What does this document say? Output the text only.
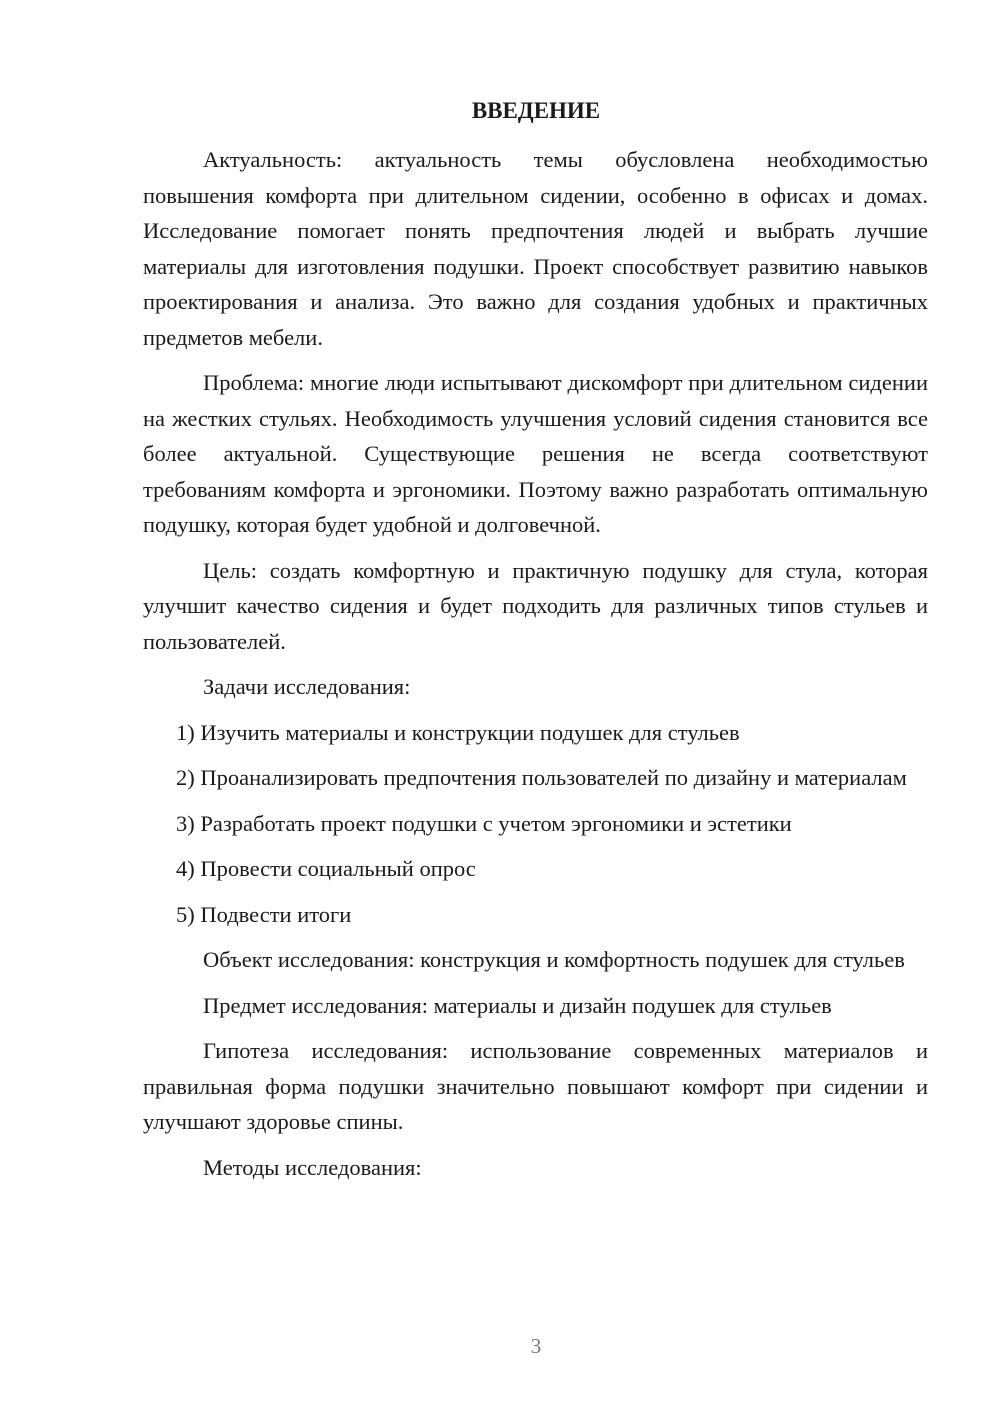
ВВЕДЕНИЕ

Актуальность: актуальность темы обусловлена необходимостью повышения комфорта при длительном сидении, особенно в офисах и домах. Исследование помогает понять предпочтения людей и выбрать лучшие материалы для изготовления подушки. Проект способствует развитию навыков проектирования и анализа. Это важно для создания удобных и практичных предметов мебели.

Проблема: многие люди испытывают дискомфорт при длительном сидении на жестких стульях. Необходимость улучшения условий сидения становится все более актуальной. Существующие решения не всегда соответствуют требованиям комфорта и эргономики. Поэтому важно разработать оптимальную подушку, которая будет удобной и долговечной.

Цель: создать комфортную и практичную подушку для стула, которая улучшит качество сидения и будет подходить для различных типов стульев и пользователей.

Задачи исследования:

1) Изучить материалы и конструкции подушек для стульев

2) Проанализировать предпочтения пользователей по дизайну и материалам

3) Разработать проект подушки с учетом эргономики и эстетики

4) Провести социальный опрос

5) Подвести итоги

Объект исследования: конструкция и комфортность подушек для стульев

Предмет исследования: материалы и дизайн подушек для стульев

Гипотеза исследования: использование современных материалов и правильная форма подушки значительно повышают комфорт при сидении и улучшают здоровье спины.

Методы исследования:

3
